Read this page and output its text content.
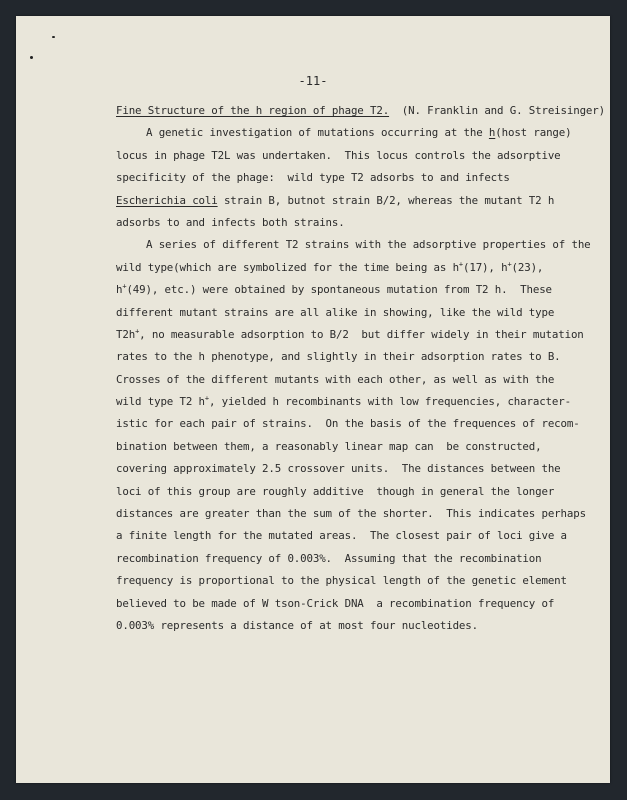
-11-
Fine Structure of the h region of phage T2. (N. Franklin and G. Streisinger)
A genetic investigation of mutations occurring at the h(host range)
locus in phage T2L was undertaken.  This locus controls the adsorptive
specificity of the phage:  wild type T2 adsorbs to and infects
Escherichia coli strain B, butnot strain B/2, whereas the mutant T2 h
adsorbs to and infects both strains.
A series of different T2 strains with the adsorptive properties of the
wild type(which are symbolized for the time being as h+(17), h+(23),
h+(49), etc.) were obtained by spontaneous mutation from T2 h.  These
different mutant strains are all alike in showing, like the wild type
T2h+, no measurable adsorption to B/2  but differ widely in their mutation
rates to the h phenotype, and slightly in their adsorption rates to B.
Crosses of the different mutants with each other, as well as with the
wild type T2 h+, yielded h recombinants with low frequencies, character-
istic for each pair of strains.  On the basis of the frequences of recom-
bination between them, a reasonably linear map can  be constructed,
covering approximately 2.5 crossover units.  The distances between the
loci of this group are roughly additive  though in general the longer
distances are greater than the sum of the shorter.  This indicates perhaps
a finite length for the mutated areas.  The closest pair of loci give a
recombination frequency of 0.003%.  Assuming that the recombination
frequency is proportional to the physical length of the genetic element
believed to be made of W tson-Crick DNA  a recombination frequency of
0.003% represents a distance of at most four nucleotides.
